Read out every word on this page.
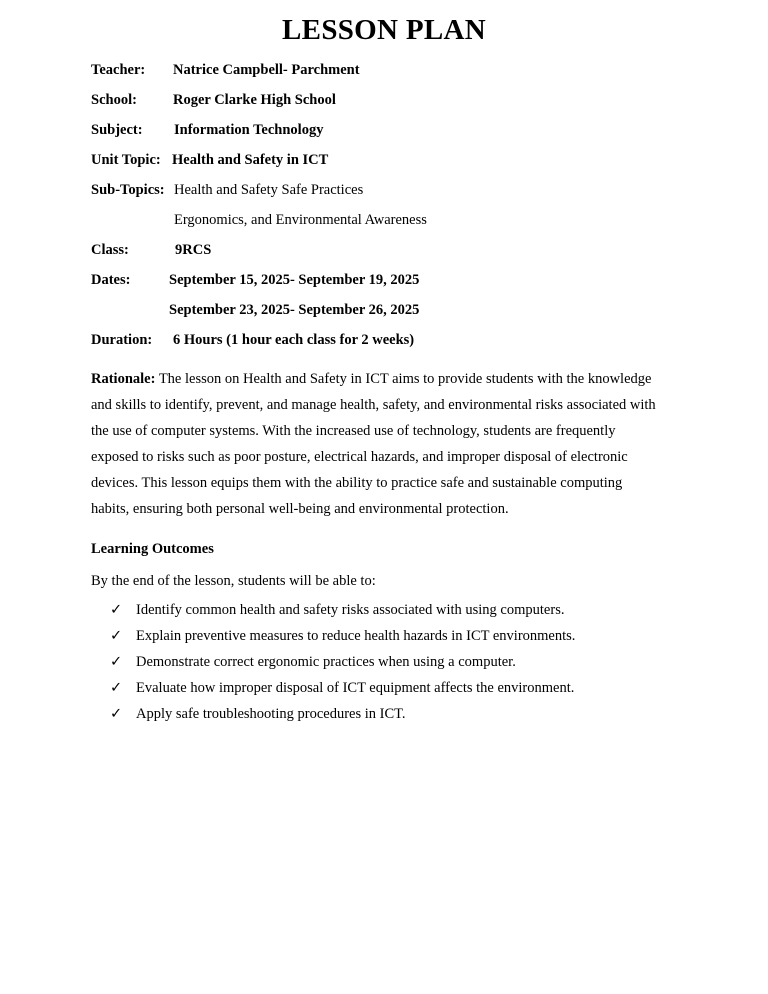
LESSON PLAN
Teacher: Natrice Campbell- Parchment
School: Roger Clarke High School
Subject: Information Technology
Unit Topic: Health and Safety in ICT
Sub-Topics: Health and Safety Safe Practices
Ergonomics, and Environmental Awareness
Class:	9RCS
Dates:	September 15, 2025- September 19, 2025
September 23, 2025- September 26, 2025
Duration: 6 Hours (1 hour each class for 2 weeks)
Rationale: The lesson on Health and Safety in ICT aims to provide students with the knowledge
and skills to identify, prevent, and manage health, safety, and environmental risks associated with
the use of computer systems. With the increased use of technology, students are frequently
exposed to risks such as poor posture, electrical hazards, and improper disposal of electronic
devices. This lesson equips them with the ability to practice safe and sustainable computing
habits, ensuring both personal well-being and environmental protection.
Learning Outcomes
By the end of the lesson, students will be able to:
✓ Identify common health and safety risks associated with using computers.
✓ Explain preventive measures to reduce health hazards in ICT environments.
✓ Demonstrate correct ergonomic practices when using a computer.
✓ Evaluate how improper disposal of ICT equipment affects the environment.
✓ Apply safe troubleshooting procedures in ICT.
